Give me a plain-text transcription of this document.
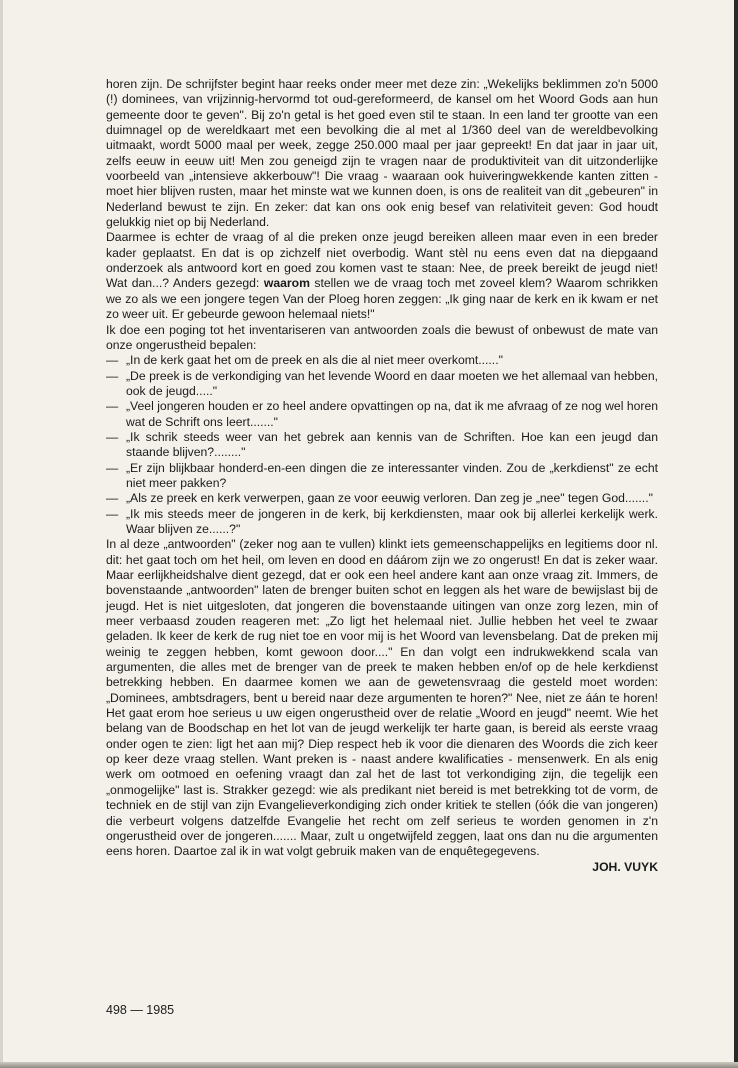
horen zijn. De schrijfster begint haar reeks onder meer met deze zin: „Wekelijks beklimmen zo'n 5000 (!) dominees, van vrijzinnig-hervormd tot oud-gereformeerd, de kansel om het Woord Gods aan hun gemeente door te geven". Bij zo'n getal is het goed even stil te staan. In een land ter grootte van een duimnagel op de wereldkaart met een bevolking die al met al 1/360 deel van de wereldbevolking uitmaakt, wordt 5000 maal per week, zegge 250.000 maal per jaar gepreekt! En dat jaar in jaar uit, zelfs eeuw in eeuw uit! Men zou geneigd zijn te vragen naar de produktiviteit van dit uitzonderlijke voorbeeld van „intensieve akkerbouw"! Die vraag - waaraan ook huiveringwekkende kanten zitten - moet hier blijven rusten, maar het minste wat we kunnen doen, is ons de realiteit van dit „gebeuren" in Nederland bewust te zijn. En zeker: dat kan ons ook enig besef van relativiteit geven: God houdt gelukkig niet op bij Nederland.

Daarmee is echter de vraag of al die preken onze jeugd bereiken alleen maar even in een breder kader geplaatst. En dat is op zichzelf niet overbodig. Want stèl nu eens even dat na diepgaand onderzoek als antwoord kort en goed zou komen vast te staan: Nee, de preek bereikt de jeugd niet! Wat dan...? Anders gezegd: waarom stellen we de vraag toch met zoveel klem? Waarom schrikken we zo als we een jongere tegen Van der Ploeg horen zeggen: „Ik ging naar de kerk en ik kwam er net zo weer uit. Er gebeurde gewoon helemaal niets!"

Ik doe een poging tot het inventariseren van antwoorden zoals die bewust of onbewust de mate van onze ongerustheid bepalen:

— „In de kerk gaat het om de preek en als die al niet meer overkomt......"
— „De preek is de verkondiging van het levende Woord en daar moeten we het allemaal van hebben, ook de jeugd....."
— „Veel jongeren houden er zo heel andere opvattingen op na, dat ik me afvraag of ze nog wel horen wat de Schrift ons leert......."
— „Ik schrik steeds weer van het gebrek aan kennis van de Schriften. Hoe kan een jeugd dan staande blijven?........"
— „Er zijn blijkbaar honderd-en-een dingen die ze interessanter vinden. Zou de „kerkdienst" ze echt niet meer pakken?
— „Als ze preek en kerk verwerpen, gaan ze voor eeuwig verloren. Dan zeg je „nee" tegen God......."
— „Ik mis steeds meer de jongeren in de kerk, bij kerkdiensten, maar ook bij allerlei kerkelijk werk. Waar blijven ze......?"

In al deze „antwoorden" (zeker nog aan te vullen) klinkt iets gemeenschappelijks en legitiems door nl. dit: het gaat toch om het heil, om leven en dood en dáárom zijn we zo ongerust! En dat is zeker waar. Maar eerlijkheidshalve dient gezegd, dat er ook een heel andere kant aan onze vraag zit. Immers, de bovenstaande „antwoorden" laten de brenger buiten schot en leggen als het ware de bewijslast bij de jeugd. Het is niet uitgesloten, dat jongeren die bovenstaande uitingen van onze zorg lezen, min of meer verbaasd zouden reageren met: „Zo ligt het helemaal niet. Jullie hebben het veel te zwaar geladen. Ik keer de kerk de rug niet toe en voor mij is het Woord van levensbelang. Dat de preken mij weinig te zeggen hebben, komt gewoon door...." En dan volgt een indrukwekkend scala van argumenten, die alles met de brenger van de preek te maken hebben en/of op de hele kerkdienst betrekking hebben. En daarmee komen we aan de gewetensvraag die gesteld moet worden: „Dominees, ambtsdragers, bent u bereid naar deze argumenten te horen?" Nee, niet ze áán te horen! Het gaat erom hoe serieus u uw eigen ongerustheid over de relatie „Woord en jeugd" neemt. Wie het belang van de Boodschap en het lot van de jeugd werkelijk ter harte gaan, is bereid als eerste vraag onder ogen te zien: ligt het aan mij? Diep respect heb ik voor die dienaren des Woords die zich keer op keer deze vraag stellen. Want preken is - naast andere kwalificaties - mensenwerk. En als enig werk om ootmoed en oefening vraagt dan zal het de last tot verkondiging zijn, die tegelijk een „onmogelijke" last is. Strakker gezegd: wie als predikant niet bereid is met betrekking tot de vorm, de techniek en de stijl van zijn Evangelieverkondiging zich onder kritiek te stellen (óók die van jongeren) die verbeurt volgens datzelfde Evangelie het recht om zelf serieus te worden genomen in z'n ongerustheid over de jongeren....... Maar, zult u ongetwijfeld zeggen, laat ons dan nu die argumenten eens horen. Daartoe zal ik in wat volgt gebruik maken van de enquêtegegevens.

JOH. VUYK

498 — 1985
